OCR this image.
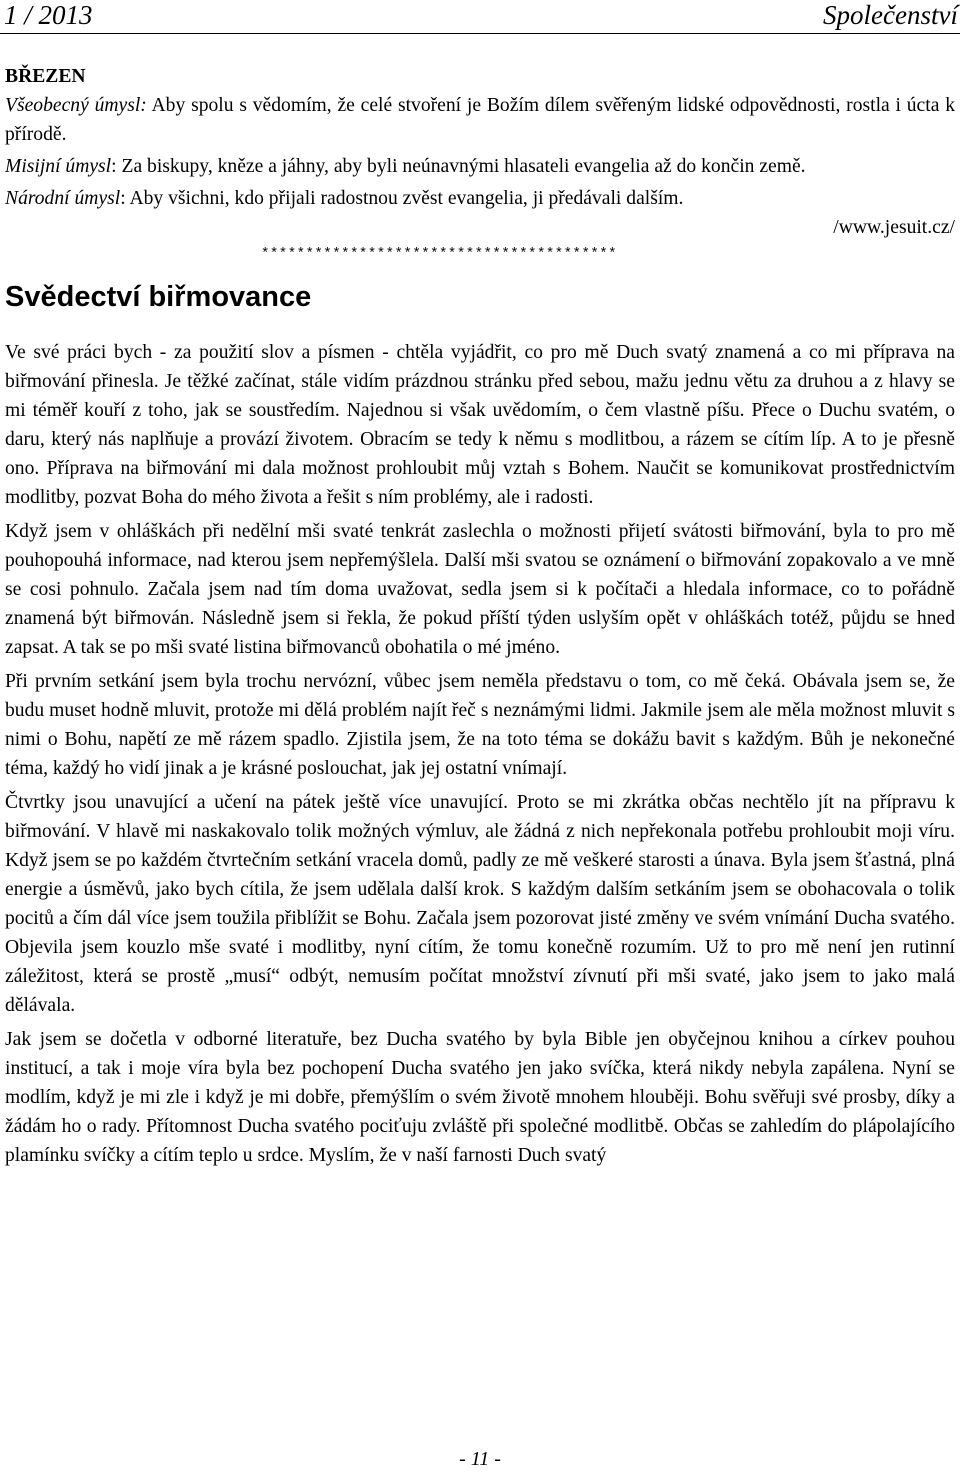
1 / 2013	Společenství

BŘEZEN

Všeobecný úmysl: Aby spolu s vědomím, že celé stvoření je Božím dílem svěřeným lidské odpovědnosti, rostla i úcta k přírodě.

Misijní úmysl: Za biskupy, kněze a jáhny, aby byli neúnavnými hlasateli evangelia až do končin země.

Národní úmysl: Aby všichni, kdo přijali radostnou zvěst evangelia, ji předávali dalším.

/www.jesuit.cz/

****************************************
Svědectví biřmovance

Ve své práci bych - za použití slov a písmen - chtěla vyjádřit, co pro mě Duch svatý znamená a co mi příprava na biřmování přinesla. Je těžké začínat, stále vidím prázdnou stránku před sebou, mažu jednu větu za druhou a z hlavy se mi téměř kouří z toho, jak se soustředím. Najednou si však uvědomím, o čem vlastně píšu. Přece o Duchu svatém, o daru, který nás naplňuje a provází životem. Obracím se tedy k němu s modlitbou, a rázem se cítím líp. A to je přesně ono. Příprava na biřmování mi dala možnost prohloubit můj vztah s Bohem. Naučit se komunikovat prostřednictvím modlitby, pozvat Boha do mého života a řešit s ním problémy, ale i radosti.

Když jsem v ohláškách při nedělní mši svaté tenkrát zaslechla o možnosti přijetí svátosti biřmování, byla to pro mě pouhopouhá informace, nad kterou jsem nepřemýšlela. Další mši svatou se oznámení o biřmování zopakovalo a ve mně se cosi pohnulo. Začala jsem nad tím doma uvažovat, sedla jsem si k počítači a hledala informace, co to pořádně znamená být biřmován. Následně jsem si řekla, že pokud příští týden uslyším opět v ohláškách totéž, půjdu se hned zapsat. A tak se po mši svaté listina biřmovanců obohatila o mé jméno.

Při prvním setkání jsem byla trochu nervózní, vůbec jsem neměla představu o tom, co mě čeká. Obávala jsem se, že budu muset hodně mluvit, protože mi dělá problém najít řeč s neznámými lidmi. Jakmile jsem ale měla možnost mluvit s nimi o Bohu, napětí ze mě rázem spadlo. Zjistila jsem, že na toto téma se dokážu bavit s každým. Bůh je nekonečné téma, každý ho vidí jinak a je krásné poslouchat, jak jej ostatní vnímají.

Čtvrtky jsou unavující a učení na pátek ještě více unavující. Proto se mi zkrátka občas nechtělo jít na přípravu k biřmování. V hlavě mi naskakovalo tolik možných výmluv, ale žádná z nich nepřekonala potřebu prohloubit moji víru. Když jsem se po každém čtvrtečním setkání vracela domů, padly ze mě veškeré starosti a únava. Byla jsem šťastná, plná energie a úsměvů, jako bych cítila, že jsem udělala další krok. S každým dalším setkáním jsem se obohacovala o tolik pocitů a čím dál více jsem toužila přiblížit se Bohu. Začala jsem pozorovat jisté změny ve svém vnímání Ducha svatého. Objevila jsem kouzlo mše svaté i modlitby, nyní cítím, že tomu konečně rozumím. Už to pro mě není jen rutinní záležitost, která se prostě „musí“ odbýt, nemusím počítat množství zívnutí při mši svaté, jako jsem to jako malá dělávala.

Jak jsem se dočetla v odborné literatuře, bez Ducha svatého by byla Bible jen obyčejnou knihou a církev pouhou institucí, a tak i moje víra byla bez pochopení Ducha svatého jen jako svíčka, která nikdy nebyla zapálena. Nyní se modlím, když je mi zle i když je mi dobře, přemýšlím o svém životě mnohem hlouběji. Bohu svěřuji své prosby, díky a žádám ho o rady. Přítomnost Ducha svatého pociťuju zvláště při společné modlitbě. Občas se zahledím do plápolajícího plamínku svíčky a cítím teplo u srdce. Myslím, že v naší farnosti Duch svatý

- 11 -
